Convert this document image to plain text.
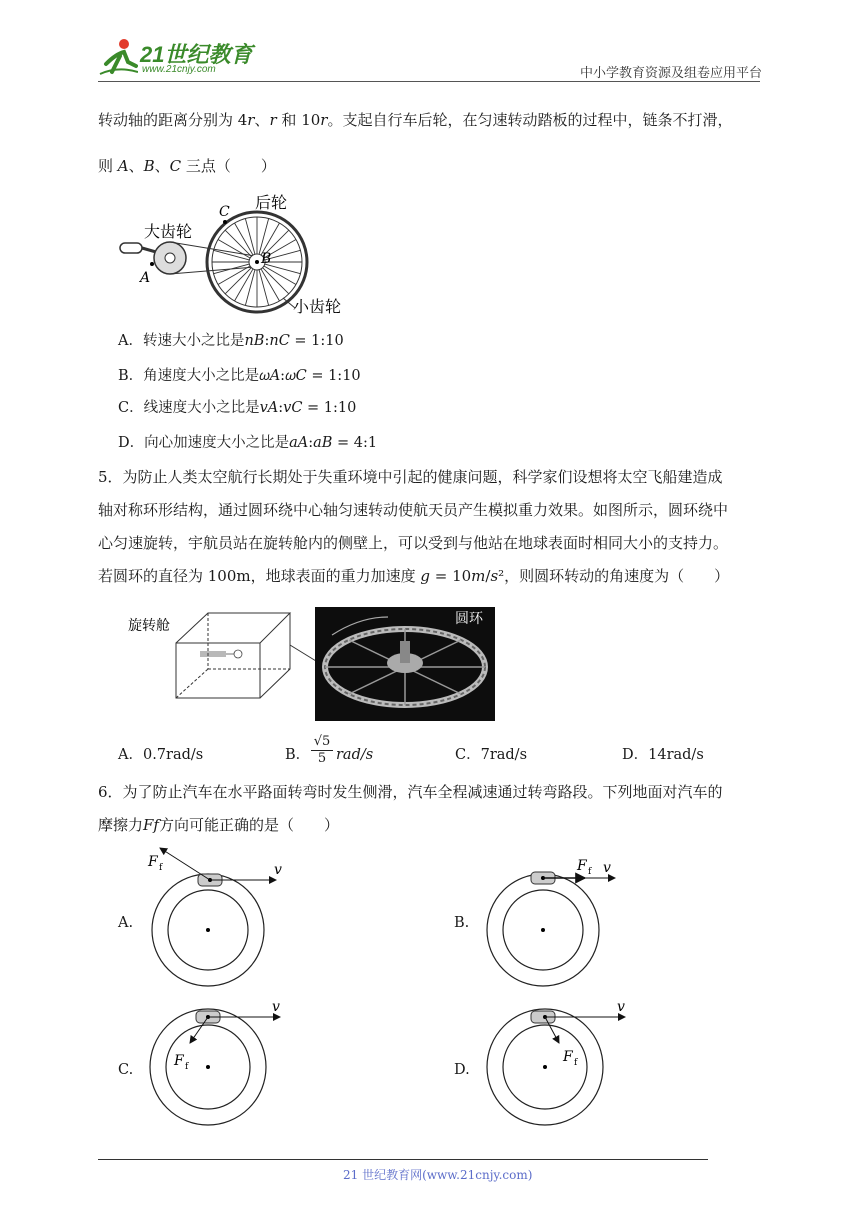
21世纪教育
www.21cnjy.com	中小学教育资源及组卷应用平台
转动轴的距离分别为 4𝑟、𝑟 和 10𝑟。支起自行车后轮，在匀速转动踏板的过程中，链条不打滑，
则 𝐴、𝐵、𝐶 三点（　　）
大齿轮
后轮
小齿轮
A
B
C
A．转速大小之比是𝑛𝐵:𝑛𝐶 = 1:10
B．角速度大小之比是𝜔𝐴:𝜔𝐶 = 1:10
C．线速度大小之比是𝑣𝐴:𝑣𝐶 = 1:10
D．向心加速度大小之比是𝑎𝐴:𝑎𝐵 = 4:1
5．为防止人类太空航行长期处于失重环境中引起的健康问题，科学家们设想将太空飞船建造成
轴对称环形结构，通过圆环绕中心轴匀速转动使航天员产生模拟重力效果。如图所示，圆环绕中
心匀速旋转，宇航员站在旋转舱内的侧壁上，可以受到与他站在地球表面时相同大小的支持力。
若圆环的直径为 100m，地球表面的重力加速度 𝑔 = 10𝑚/𝑠²，则圆环转动的角速度为（　　）
旋转舱	圆环
A．0.7rad/s	B． $\frac{√5}{5}$ 𝑟𝑎𝑑/𝑠	C．7rad/s	D．14rad/s
6．为了防止汽车在水平路面转弯时发生侧滑，汽车全程减速通过转弯路段。下列地面对汽车的
摩擦力𝐹𝑓方向可能正确的是（　　）
A.	B.
C.	D.
F f	v	F f v
F f
v
F f
v
21 世纪教育网(www.21cnjy.com)
